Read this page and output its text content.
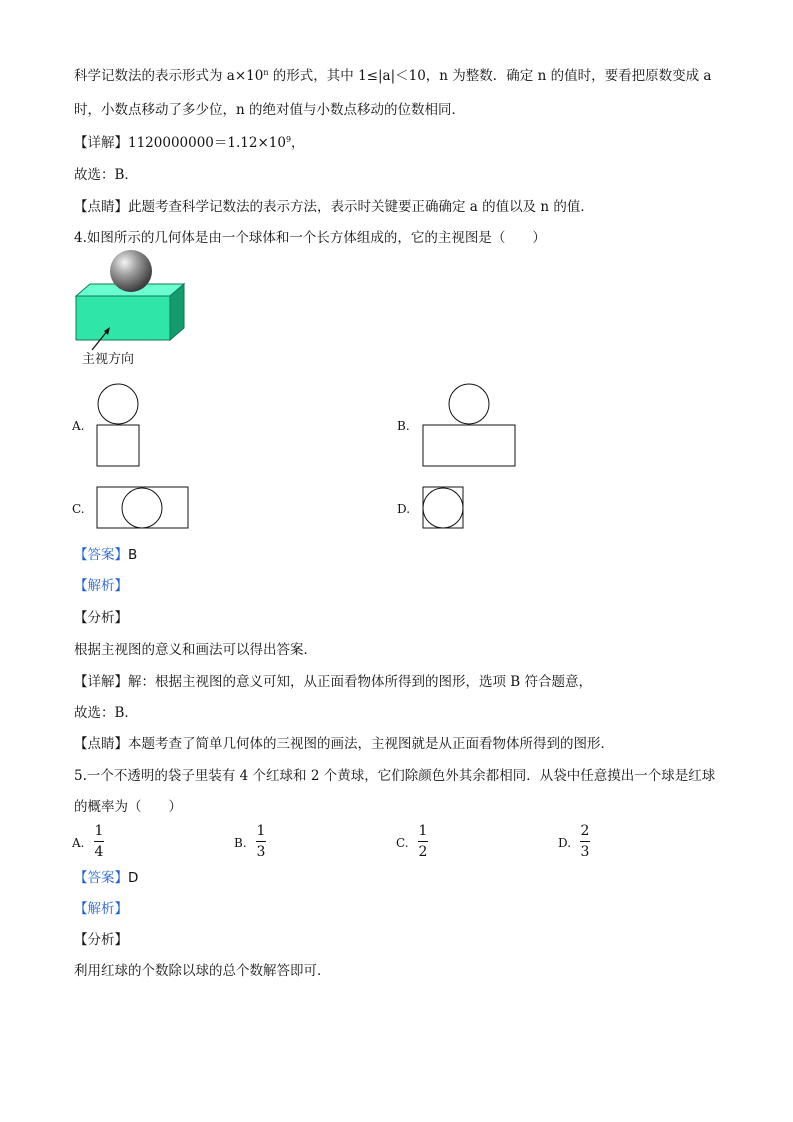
科学记数法的表示形式为 $a\times 10^n$ 的形式，其中 1≤|a|＜10，n 为整数．确定 n 的值时，要看把原数变成 a
时，小数点移动了多少位，n 的绝对值与小数点移动的位数相同．
【详解】$1120000000=1.12\times 10^9$，
故选：B．
【点睛】此题考查科学记数法的表示方法，表示时关键要正确确定 a 的值以及 n 的值．
4.如图所示的几何体是由一个球体和一个长方体组成的，它的主视图是（　　）
主视方向
A.	B.
C.	D.
【答案】B
【解析】
【分析】
根据主视图的意义和画法可以得出答案．
【详解】解：根据主视图的意义可知，从正面看物体所得到的图形，选项 B 符合题意，
故选：B．
【点睛】本题考查了简单几何体的三视图的画法，主视图就是从正面看物体所得到的图形．
5.一个不透明的袋子里装有 4 个红球和 2 个黄球，它们除颜色外其余都相同．从袋中任意摸出一个球是红球
的概率为（　　）
A.
1
4
B.
1
3
C.
1
2
D.
2
3
【答案】D
【解析】
【分析】
利用红球的个数除以球的总个数解答即可．
